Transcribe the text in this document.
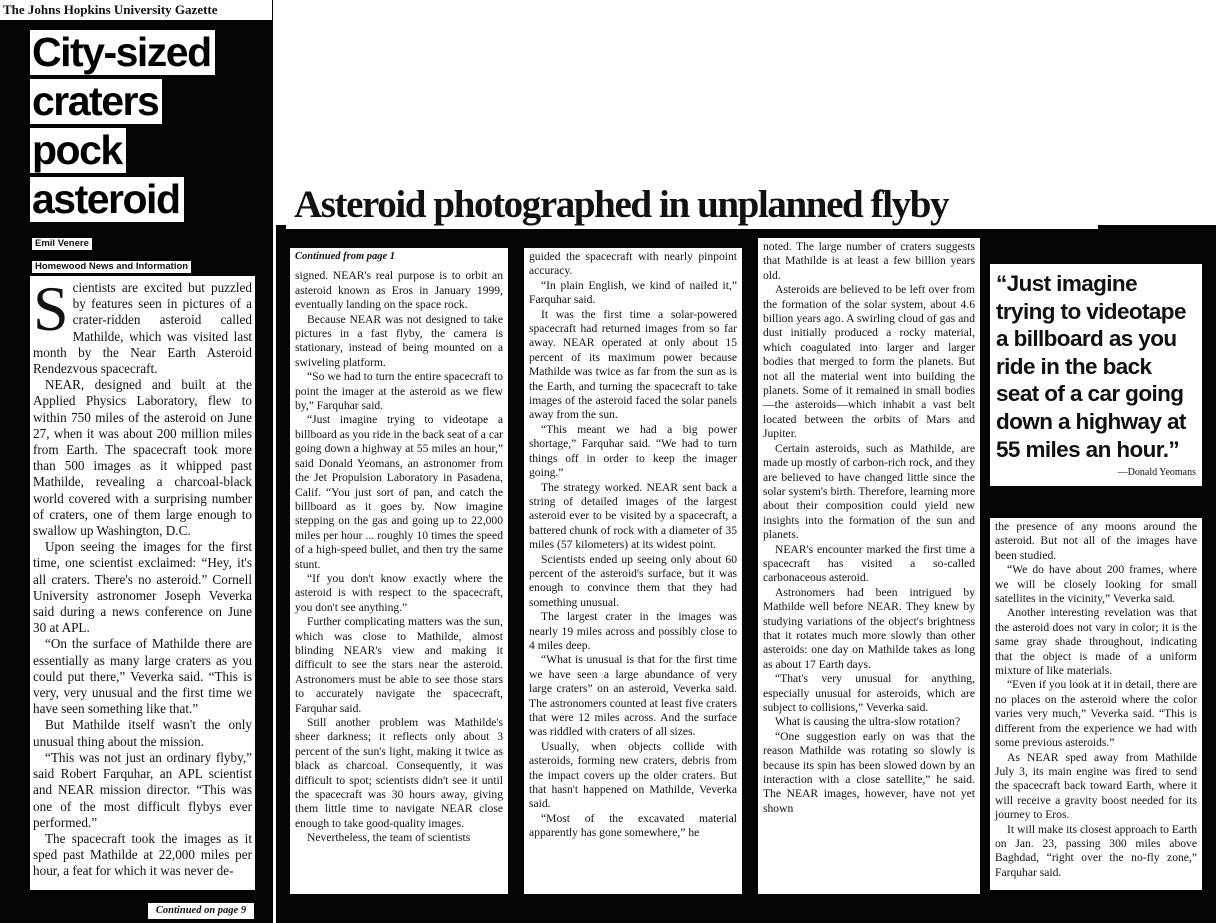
The Johns Hopkins University Gazette
City-sized
craters
pock
asteroid
Emil Venere
Homewood News and Information

Scientists are excited but puzzled by features seen in pictures of a crater-ridden asteroid called Mathilde, which was visited last month by the Near Earth Asteroid Rendezvous spacecraft.

NEAR, designed and built at the Applied Physics Laboratory, flew to within 750 miles of the asteroid on June 27, when it was about 200 million miles from Earth. The spacecraft took more than 500 images as it whipped past Mathilde, revealing a charcoal-black world covered with a surprising number of craters, one of them large enough to swallow up Washington, D.C.

Upon seeing the images for the first time, one scientist exclaimed: “Hey, it's all craters. There's no asteroid.” Cornell University astronomer Joseph Veverka said during a news conference on June 30 at APL.

“On the surface of Mathilde there are essentially as many large craters as you could put there,” Veverka said. “This is very, very unusual and the first time we have seen something like that.”

But Mathilde itself wasn't the only unusual thing about the mission.

“This was not just an ordinary flyby,” said Robert Farquhar, an APL scientist and NEAR mission director. “This was one of the most difficult flybys ever performed.”

The spacecraft took the images as it sped past Mathilde at 22,000 miles per hour, a feat for which it was never de-

Continued on page 9
Asteroid photographed in unplanned flyby
Continued from page 1

signed. NEAR's real purpose is to orbit an asteroid known as Eros in January 1999, eventually landing on the space rock.

Because NEAR was not designed to take pictures in a fast flyby, the camera is stationary, instead of being mounted on a swiveling platform.

“So we had to turn the entire spacecraft to point the imager at the asteroid as we flew by,” Farquhar said.

“Just imagine trying to videotape a billboard as you ride in the back seat of a car going down a highway at 55 miles an hour,” said Donald Yeomans, an astronomer from the Jet Propulsion Laboratory in Pasadena, Calif. “You just sort of pan, and catch the billboard as it goes by. Now imagine stepping on the gas and going up to 22,000 miles per hour ... roughly 10 times the speed of a high-speed bullet, and then try the same stunt.

“If you don't know exactly where the asteroid is with respect to the spacecraft, you don't see anything.”

Further complicating matters was the sun, which was close to Mathilde, almost blinding NEAR's view and making it difficult to see the stars near the asteroid. Astronomers must be able to see those stars to accurately navigate the spacecraft, Farquhar said.

Still another problem was Mathilde's sheer darkness; it reflects only about 3 percent of the sun's light, making it twice as black as charcoal. Consequently, it was difficult to spot; scientists didn't see it until the spacecraft was 30 hours away, giving them little time to navigate NEAR close enough to take good-quality images.

Nevertheless, the team of scientists

guided the spacecraft with nearly pinpoint accuracy.

“In plain English, we kind of nailed it,” Farquhar said.

It was the first time a solar-powered spacecraft had returned images from so far away. NEAR operated at only about 15 percent of its maximum power because Mathilde was twice as far from the sun as is the Earth, and turning the spacecraft to take images of the asteroid faced the solar panels away from the sun.

“This meant we had a big power shortage,” Farquhar said. “We had to turn things off in order to keep the imager going.”

The strategy worked. NEAR sent back a string of detailed images of the largest asteroid ever to be visited by a spacecraft, a battered chunk of rock with a diameter of 35 miles (57 kilometers) at its widest point.

Scientists ended up seeing only about 60 percent of the asteroid's surface, but it was enough to convince them that they had something unusual.

The largest crater in the images was nearly 19 miles across and possibly close to 4 miles deep.

“What is unusual is that for the first time we have seen a large abundance of very large craters” on an asteroid, Veverka said. The astronomers counted at least five craters that were 12 miles across. And the surface was riddled with craters of all sizes.

Usually, when objects collide with asteroids, forming new craters, debris from the impact covers up the older craters. But that hasn't happened on Mathilde, Veverka said.

“Most of the excavated material apparently has gone somewhere,” he

noted. The large number of craters suggests that Mathilde is at least a few billion years old.

Asteroids are believed to be left over from the formation of the solar system, about 4.6 billion years ago. A swirling cloud of gas and dust initially produced a rocky material, which coagulated into larger and larger bodies that merged to form the planets. But not all the material went into building the planets. Some of it remained in small bodies—the asteroids—which inhabit a vast belt located between the orbits of Mars and Jupiter.

Certain asteroids, such as Mathilde, are made up mostly of carbon-rich rock, and they are believed to have changed little since the solar system's birth. Therefore, learning more about their composition could yield new insights into the formation of the sun and planets.

NEAR's encounter marked the first time a spacecraft has visited a so-called carbonaceous asteroid.

Astronomers had been intrigued by Mathilde well before NEAR. They knew by studying variations of the object's brightness that it rotates much more slowly than other asteroids: one day on Mathilde takes as long as about 17 Earth days.

“That's very unusual for anything, especially unusual for asteroids, which are subject to collisions,” Veverka said.

What is causing the ultra-slow rotation?

“One suggestion early on was that the reason Mathilde was rotating so slowly is because its spin has been slowed down by an interaction with a close satellite,” he said. The NEAR images, however, have not yet shown

“Just imagine trying to videotape a billboard as you ride in the back seat of a car going down a highway at 55 miles an hour.”
—Donald Yeomans

the presence of any moons around the asteroid. But not all of the images have been studied.

“We do have about 200 frames, where we will be closely looking for small satellites in the vicinity,” Veverka said.

Another interesting revelation was that the asteroid does not vary in color; it is the same gray shade throughout, indicating that the object is made of a uniform mixture of like materials.

“Even if you look at it in detail, there are no places on the asteroid where the color varies very much,” Veverka said. “This is different from the experience we had with some previous asteroids.”

As NEAR sped away from Mathilde July 3, its main engine was fired to send the spacecraft back toward Earth, where it will receive a gravity boost needed for its journey to Eros.

It will make its closest approach to Earth on Jan. 23, passing 300 miles above Baghdad, “right over the no-fly zone,” Farquhar said.
